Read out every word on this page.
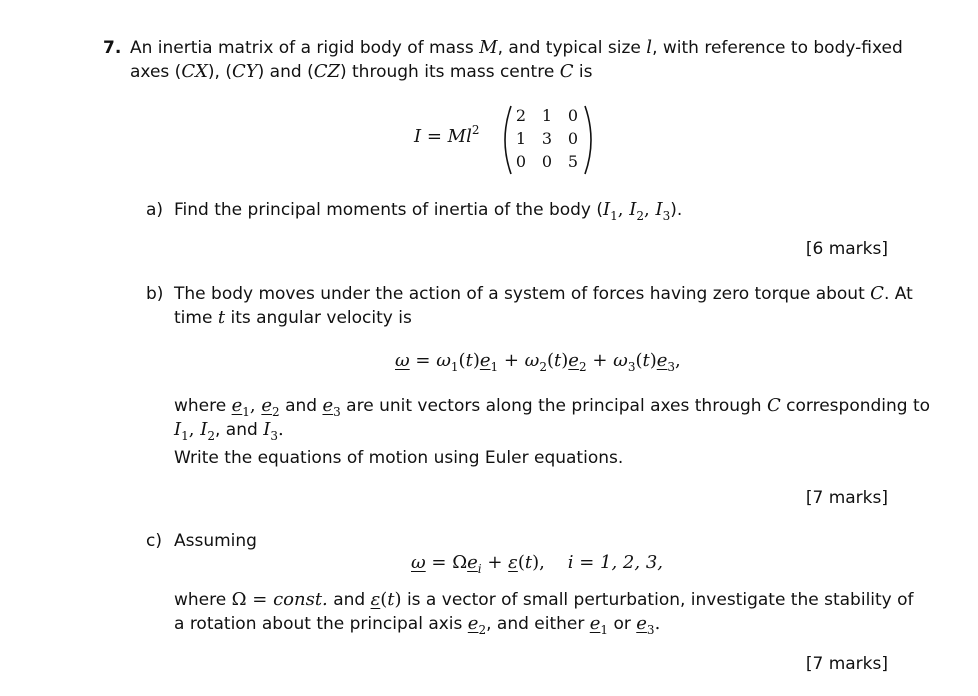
7. An inertia matrix of a rigid body of mass M, and typical size l, with reference to body-fixed
axes (CX), (CY) and (CZ) through its mass centre C is
$I = Ml^2$
2 1 0
1 3 0
0 0 5
a) Find the principal moments of inertia of the body ($I_1$, $I_2$, $I_3$).
[6 marks]
b) The body moves under the action of a system of forces having zero torque about C. At
time t its angular velocity is
$\omega = \omega_1(t)e_1 + \omega_2(t)e_2 + \omega_3(t)e_3$,
where $e_1$, $e_2$ and $e_3$ are unit vectors along the principal axes through C corresponding to
$I_1$, $I_2$, and $I_3$.
Write the equations of motion using Euler equations.
[7 marks]
c) Assuming
$\omega = \Omega e_i + \varepsilon(t)$,    i = 1, 2, 3,
where Ω = const. and ε(t) is a vector of small perturbation, investigate the stability of
a rotation about the principal axis $e_2$, and either $e_1$ or $e_3$.
[7 marks]
